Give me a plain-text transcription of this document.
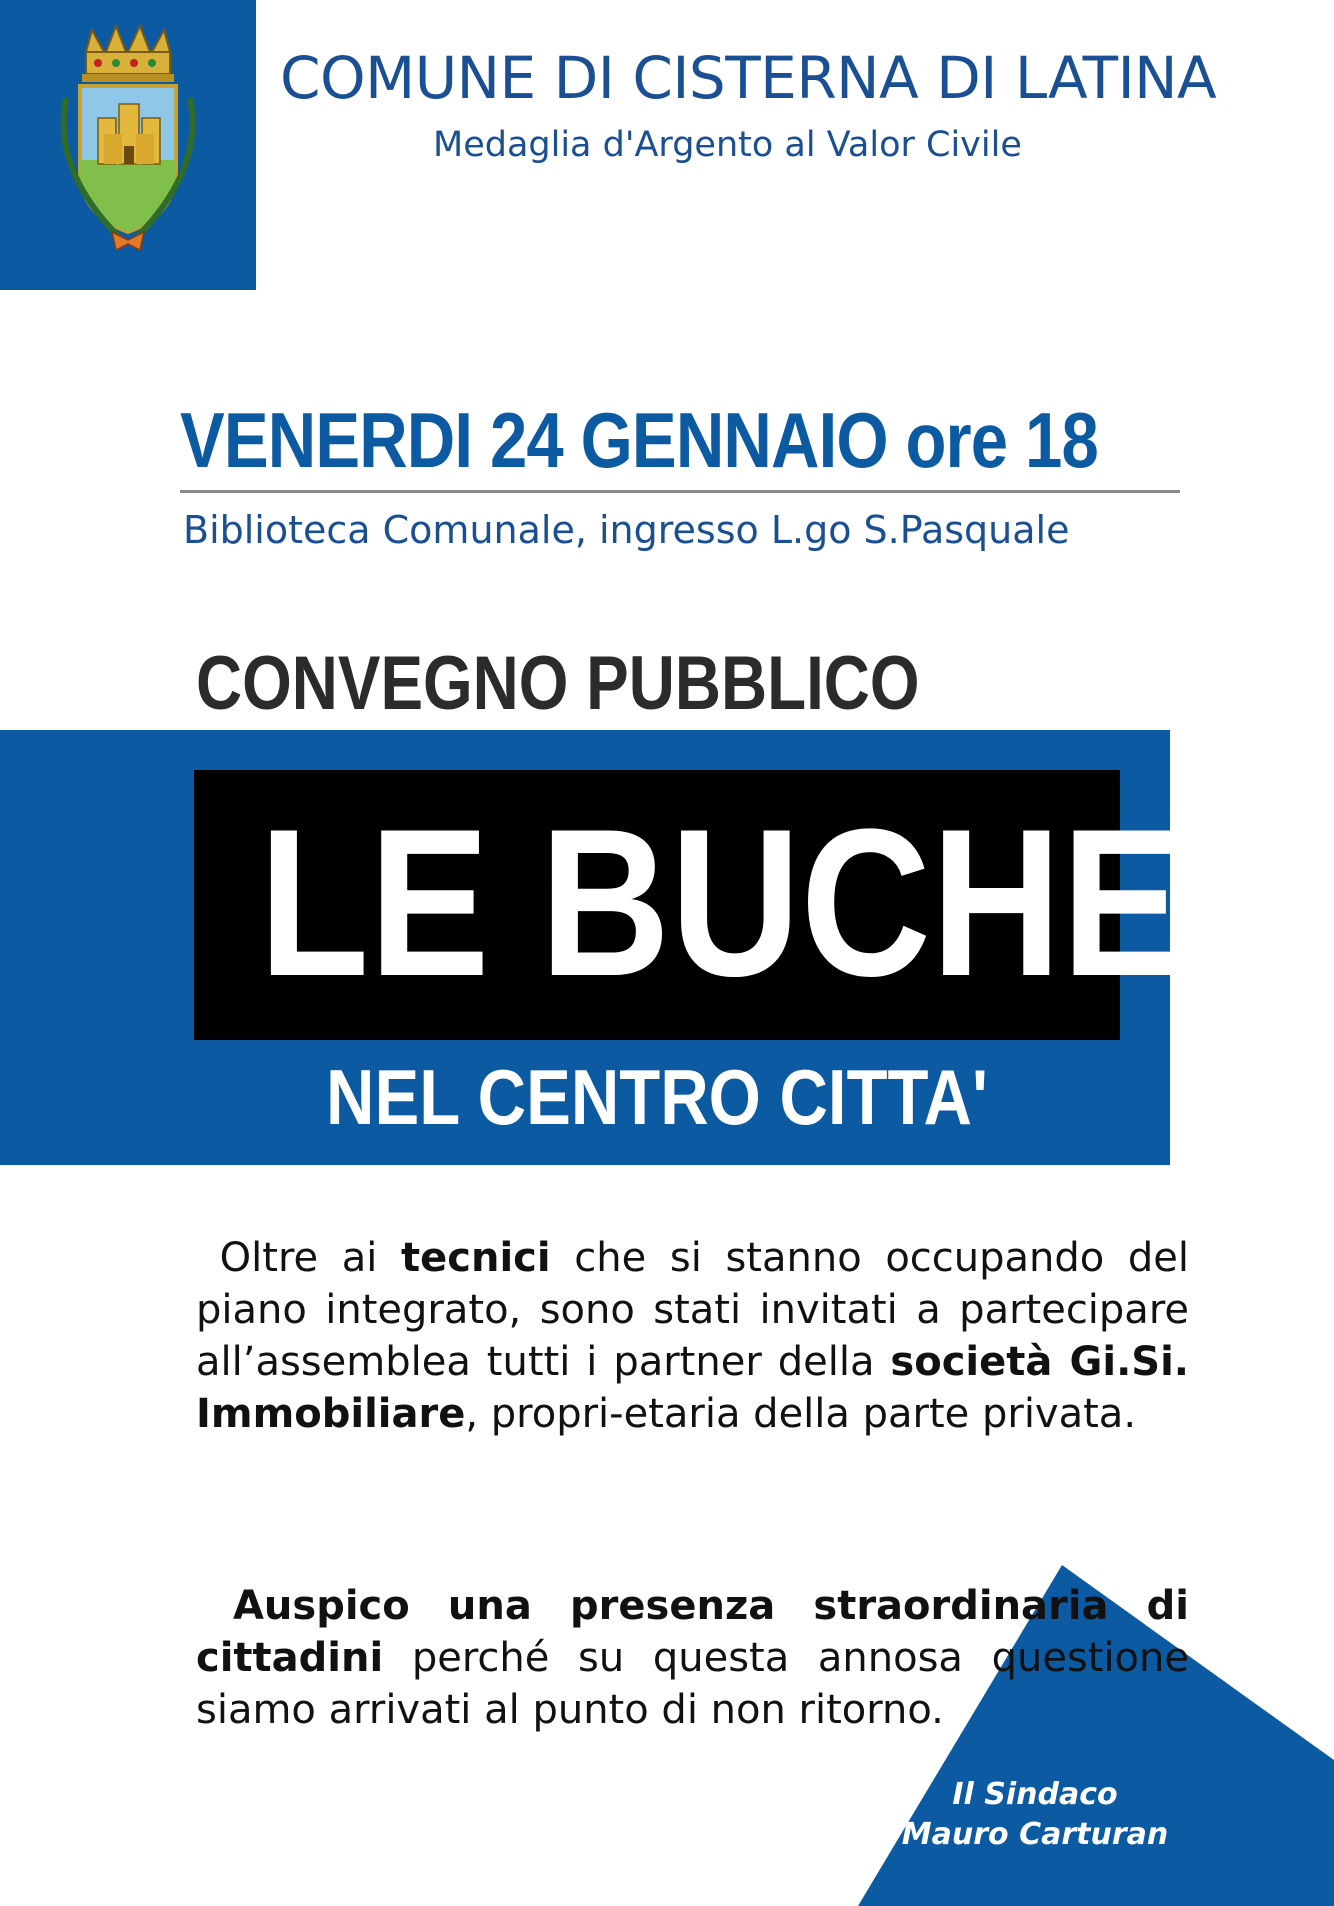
COMUNE DI CISTERNA DI LATINA
Medaglia d'Argento al Valor Civile
VENERDI 24 GENNAIO ore 18
Biblioteca Comunale, ingresso L.go S.Pasquale
CONVEGNO PUBBLICO
LE BUCHE
NEL CENTRO CITTA'
Oltre ai tecnici che si stanno occupando del piano integrato, sono stati invitati a partecipare all’assemblea tutti i partner della società Gi.Si. Immobiliare, propri-etaria della parte privata.
Auspico una presenza straordinaria di cittadini perché su questa annosa questione siamo arrivati al punto di non ritorno.
Il Sindaco
Mauro Carturan
